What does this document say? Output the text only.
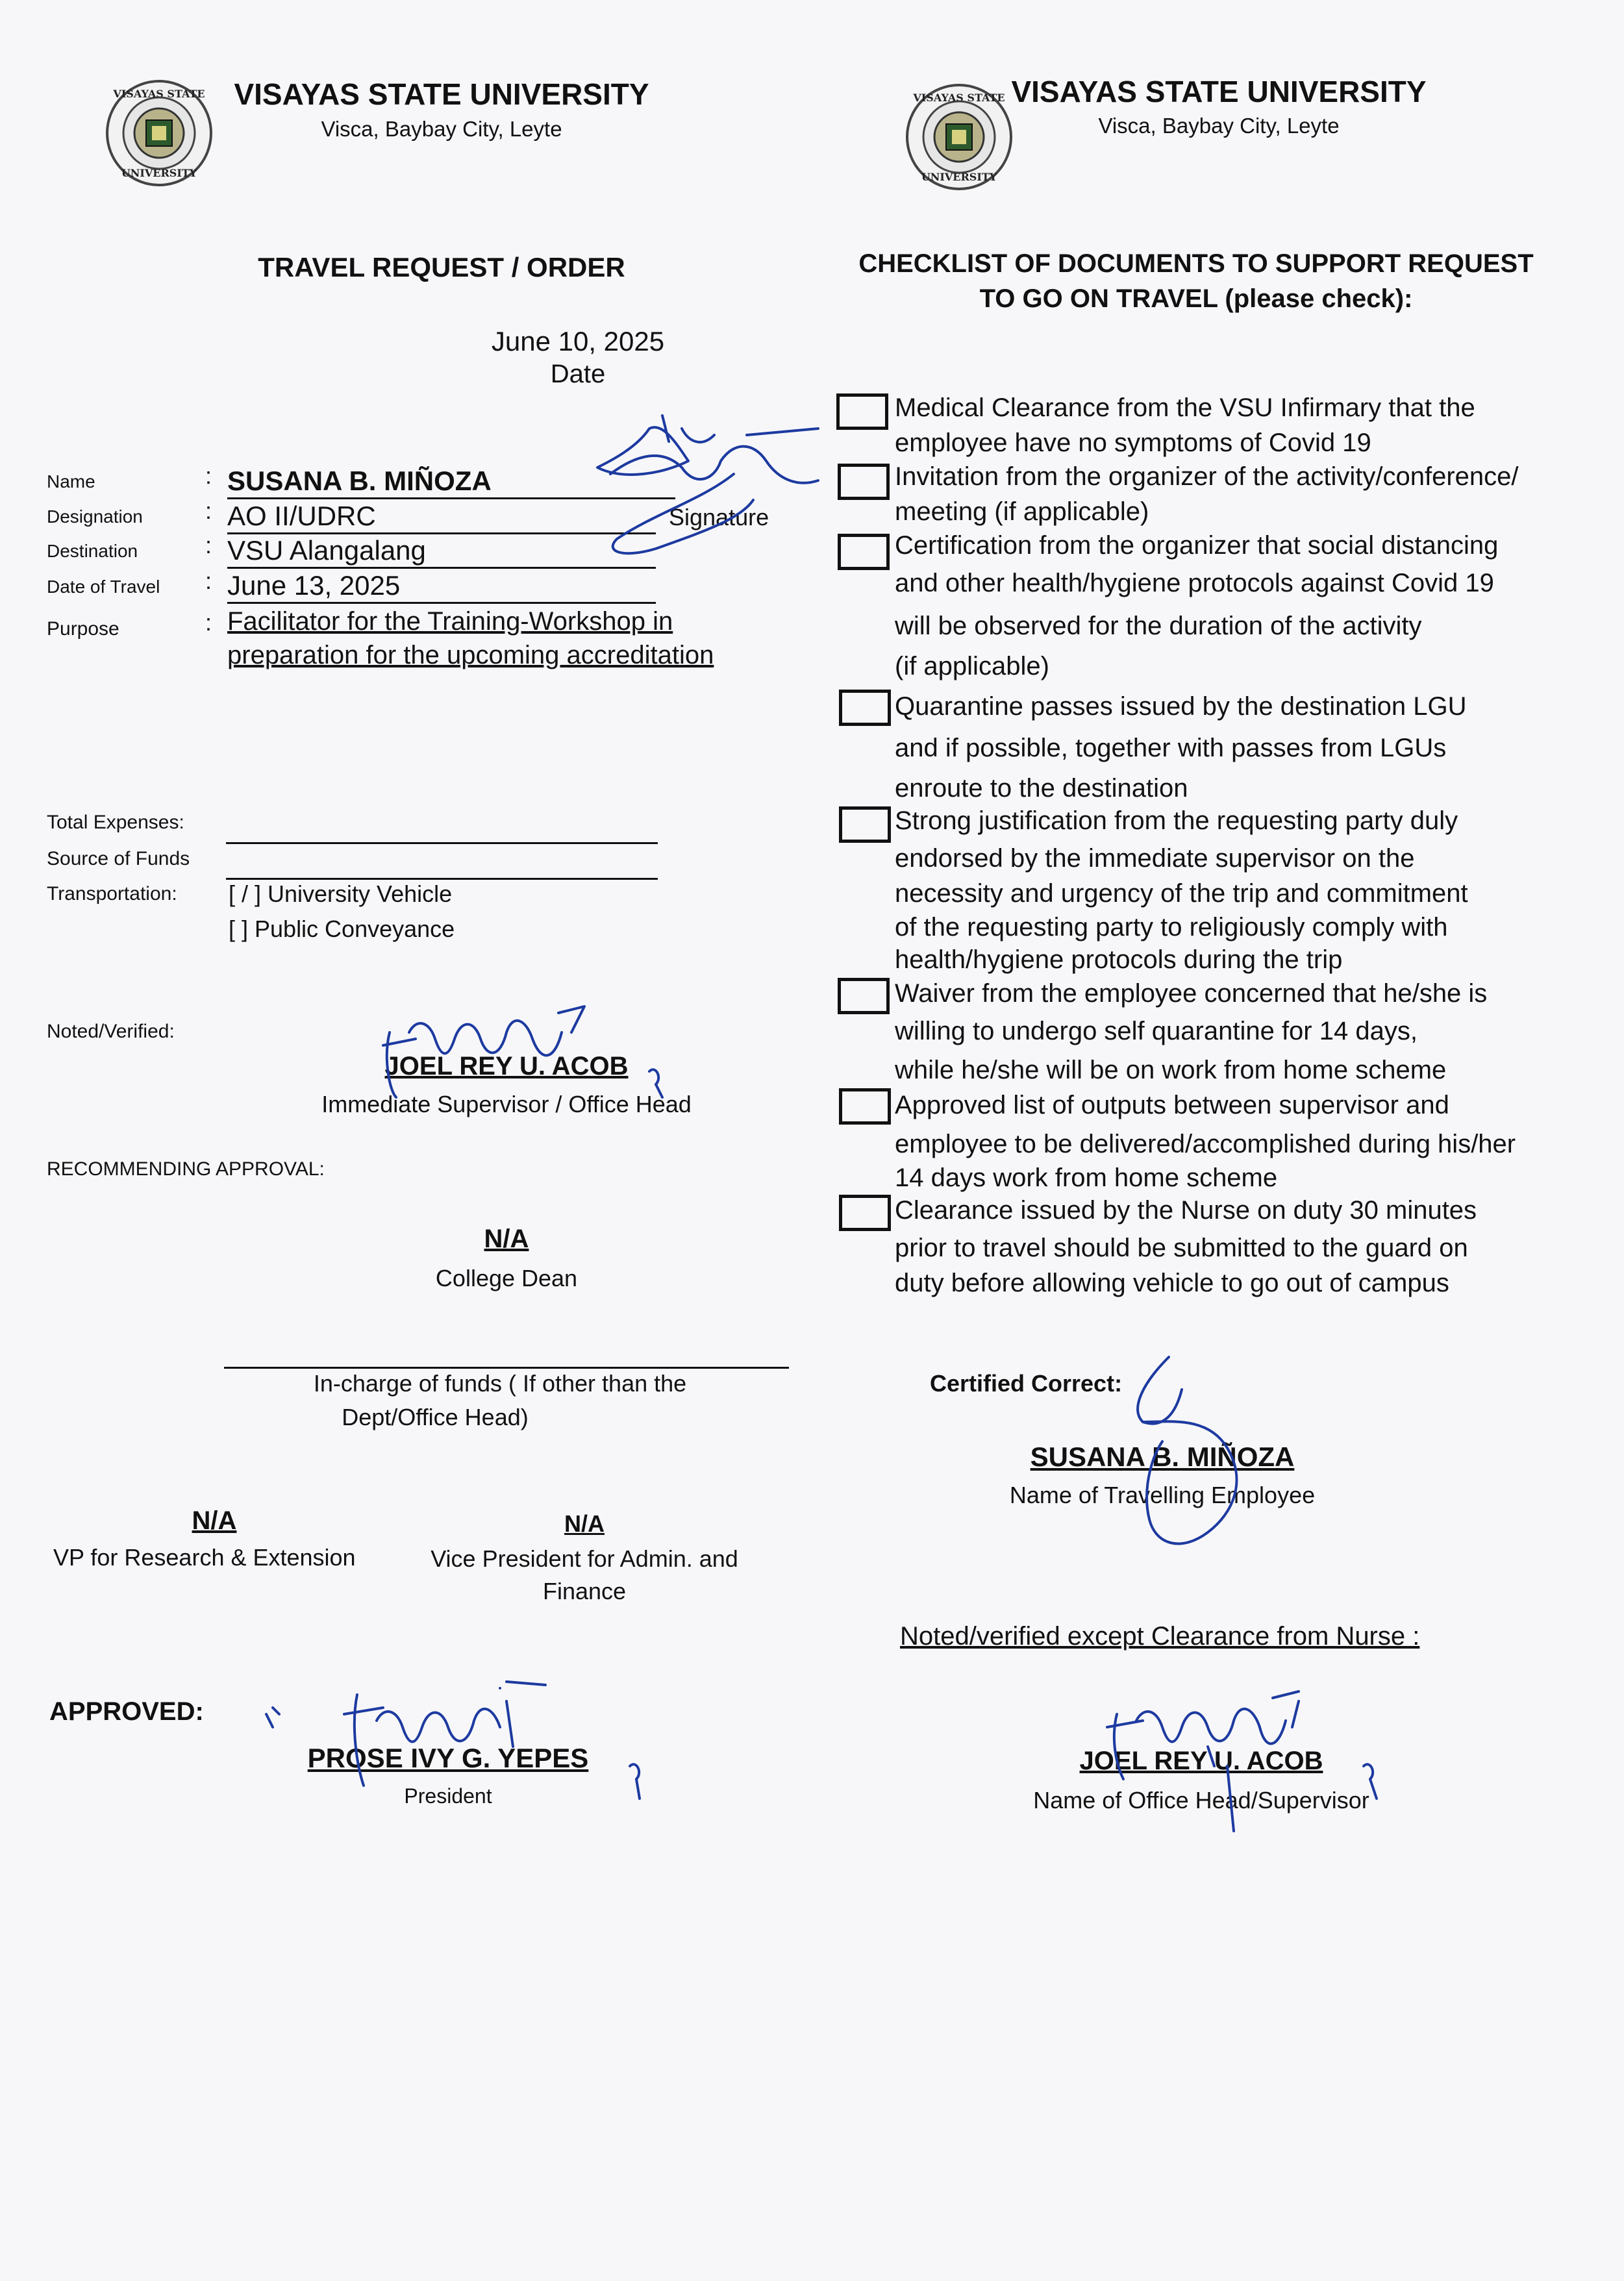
VISAYAS STATE
UNIVERSITY
VISAYAS STATE UNIVERSITY
Visca, Baybay City, Leyte
VISAYAS STATE
UNIVERSITY
VISAYAS STATE UNIVERSITY
Visca, Baybay City, Leyte
TRAVEL REQUEST / ORDER
June 10, 2025
Date
Name	: SUSANA B. MIÑOZA
Signature
Designation	: AO II/UDRC
Destination	: VSU Alangalang
Date of Travel : June 13, 2025
Purpose	: Facilitator for the Training-Workshop in
preparation for the upcoming accreditation
Total Expenses:
Source of Funds
Transportation: [ / ] University Vehicle
[ ] Public Conveyance
Noted/Verified:
JOEL REY U. ACOB
Immediate Supervisor / Office Head
RECOMMENDING APPROVAL:
N/A
College Dean
In-charge of funds ( If other than the
Dept/Office Head)
N/A
VP for Research & Extension
N/A
Vice President for Admin. and
Finance
APPROVED:
PROSE IVY G. YEPES
President
CHECKLIST OF DOCUMENTS TO SUPPORT REQUEST
TO GO ON TRAVEL (please check):
Medical Clearance from the VSU Infirmary that the
employee have no symptoms of Covid 19
Invitation from the organizer of the activity/conference/
meeting (if applicable)
Certification from the organizer that social distancing
and other health/hygiene protocols against Covid 19
will be observed for the duration of the activity
(if applicable)
Quarantine passes issued by the destination LGU
and if possible, together with passes from LGUs
enroute to the destination
Strong justification from the requesting party duly
endorsed by the immediate supervisor on the
necessity and urgency of the trip and commitment
of the requesting party to religiously comply with
health/hygiene protocols during the trip
Waiver from the employee concerned that he/she is
willing to undergo self quarantine for 14 days,
while he/she will be on work from home scheme
Approved list of outputs between supervisor and
employee to be delivered/accomplished during his/her
14 days work from home scheme
Clearance issued by the Nurse on duty 30 minutes
prior to travel should be submitted to the guard on
duty before allowing vehicle to go out of campus
Certified Correct:
SUSANA B. MIÑOZA
Name of Travelling Employee
Noted/verified except Clearance from Nurse :
JOEL REY U. ACOB
Name of Office Head/Supervisor
